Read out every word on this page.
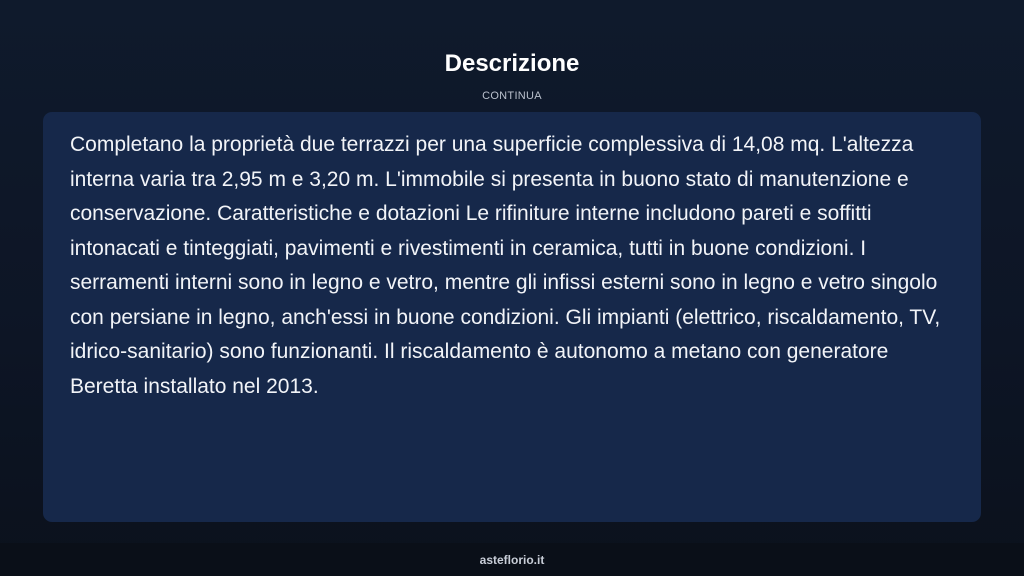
Descrizione
CONTINUA

Completano la proprietà due terrazzi per una superficie complessiva di 14,08 mq. L'altezza interna varia tra 2,95 m e 3,20 m. L'immobile si presenta in buono stato di manutenzione e conservazione. Caratteristiche e dotazioni Le rifiniture interne includono pareti e soffitti intonacati e tinteggiati, pavimenti e rivestimenti in ceramica, tutti in buone condizioni. I serramenti interni sono in legno e vetro, mentre gli infissi esterni sono in legno e vetro singolo con persiane in legno, anch'essi in buone condizioni. Gli impianti (elettrico, riscaldamento, TV, idrico-sanitario) sono funzionanti. Il riscaldamento è autonomo a metano con generatore Beretta installato nel 2013.

asteflorio.it
